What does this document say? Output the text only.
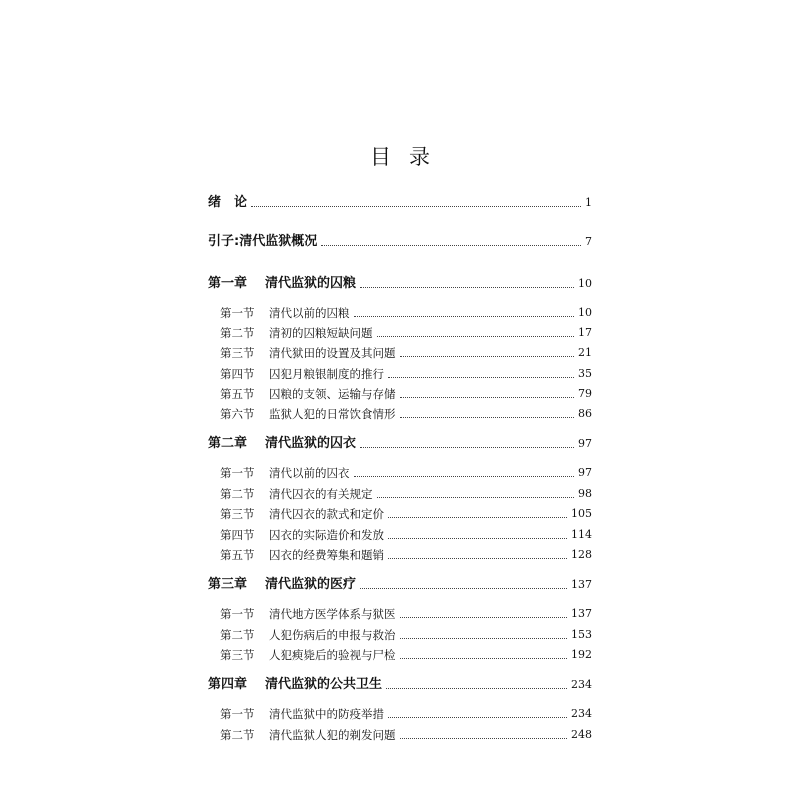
目录
绪　论	1
引子:清代监狱概况	7
第一章 清代监狱的囚粮	10
第一节 清代以前的囚粮	10
第二节 清初的囚粮短缺问题	17
第三节 清代狱田的设置及其问题	21
第四节 囚犯月粮银制度的推行	35
第五节 囚粮的支领、运输与存储	79
第六节 监狱人犯的日常饮食情形	86
第二章 清代监狱的囚衣	97
第一节 清代以前的囚衣	97
第二节 清代囚衣的有关规定	98
第三节 清代囚衣的款式和定价	105
第四节 囚衣的实际造价和发放	114
第五节 囚衣的经费筹集和题销	128
第三章 清代监狱的医疗	137
第一节 清代地方医学体系与狱医	137
第二节 人犯伤病后的申报与救治	153
第三节 人犯瘐毙后的验视与尸检	192
第四章 清代监狱的公共卫生	234
第一节 清代监狱中的防疫举措	234
第二节 清代监狱人犯的剃发问题	248
